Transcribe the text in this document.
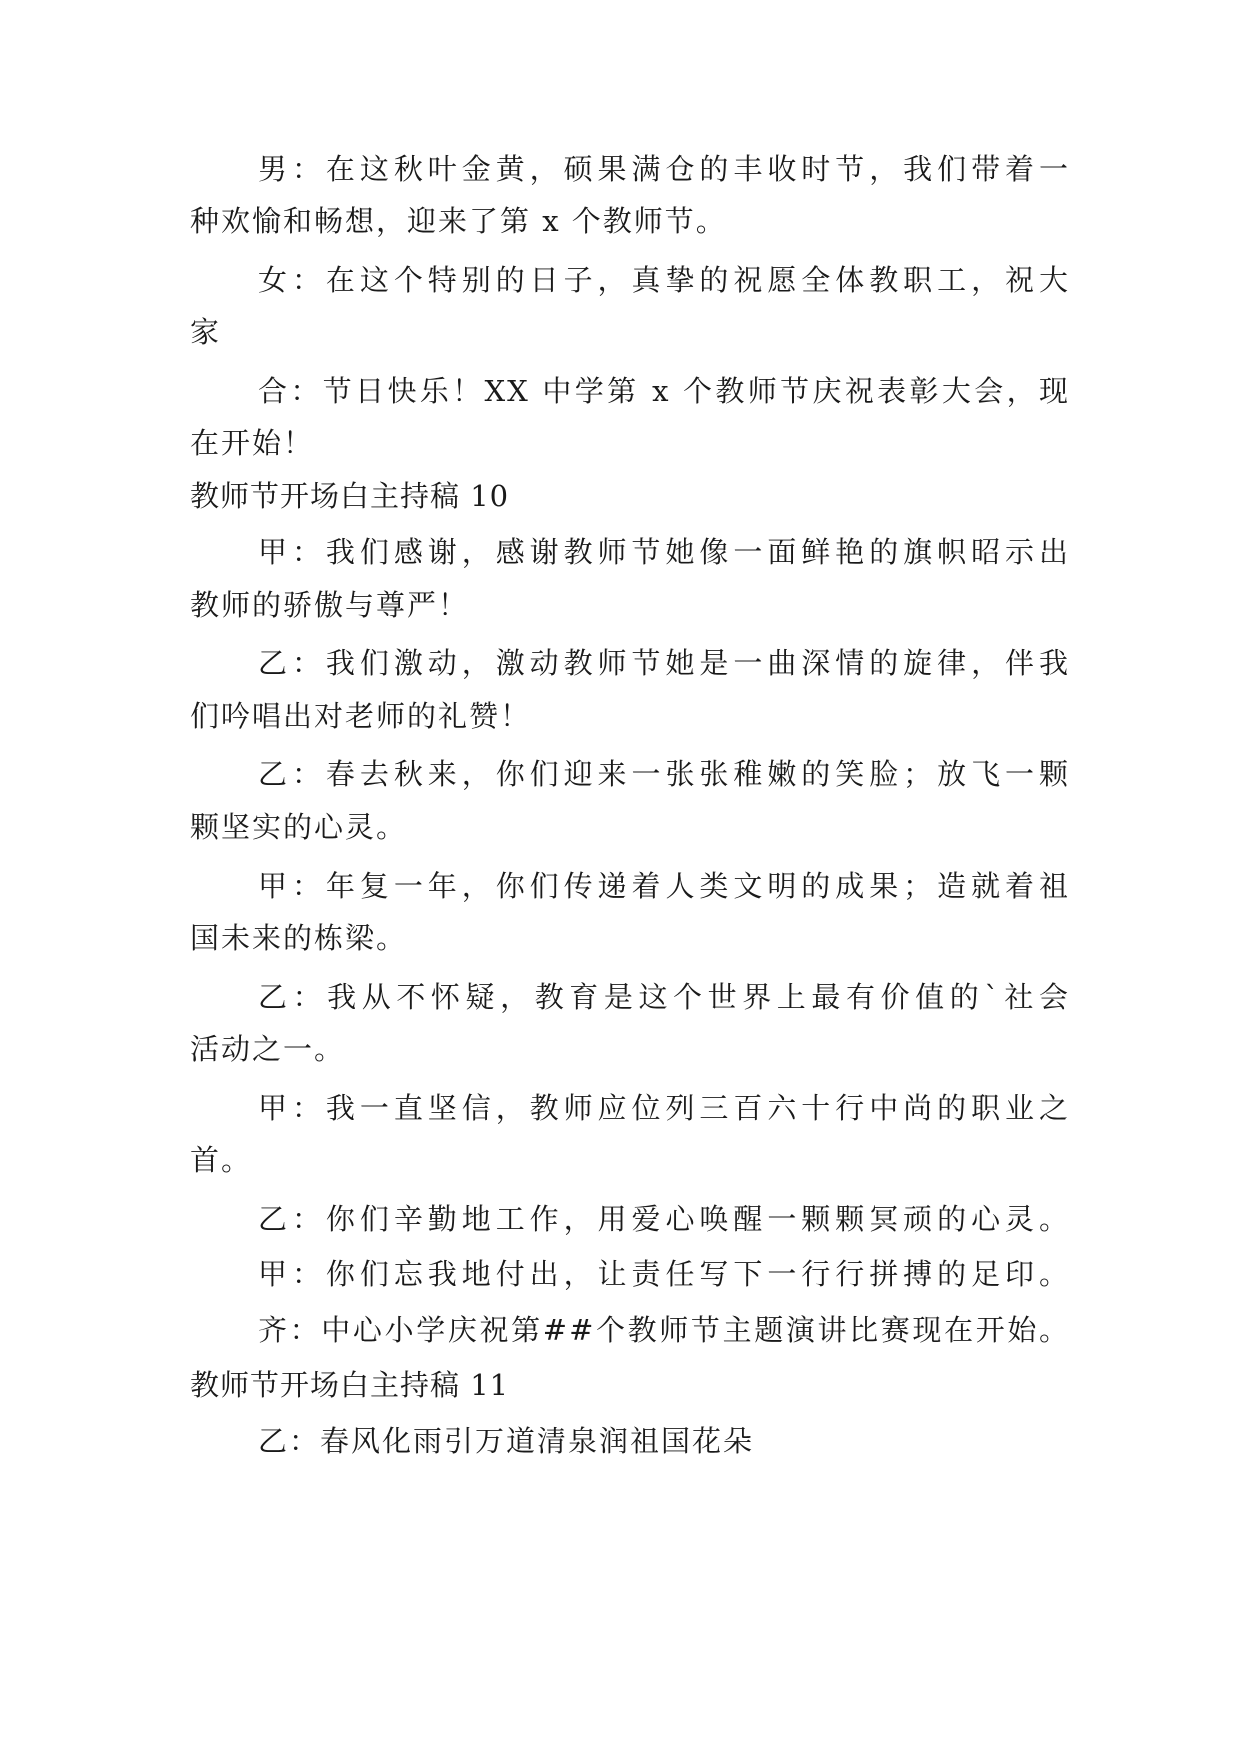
男：在这秋叶金黄，硕果满仓的丰收时节，我们带着一

种欢愉和畅想，迎来了第 x 个教师节。

女：在这个特别的日子，真挚的祝愿全体教职工，祝大

家

合：节日快乐！XX 中学第 x 个教师节庆祝表彰大会，现

在开始！

教师节开场白主持稿 10

甲：我们感谢，感谢教师节她像一面鲜艳的旗帜昭示出

教师的骄傲与尊严！

乙：我们激动，激动教师节她是一曲深情的旋律，伴我

们吟唱出对老师的礼赞！

乙：春去秋来，你们迎来一张张稚嫩的笑脸；放飞一颗

颗坚实的心灵。

甲：年复一年，你们传递着人类文明的成果；造就着祖

国未来的栋梁。

乙：我从不怀疑，教育是这个世界上最有价值的`社会

活动之一。

甲：我一直坚信，教师应位列三百六十行中尚的职业之

首。

乙：你们辛勤地工作，用爱心唤醒一颗颗冥顽的心灵。

甲：你们忘我地付出，让责任写下一行行拼搏的足印。

齐：中心小学庆祝第##个教师节主题演讲比赛现在开始。

教师节开场白主持稿 11

乙：春风化雨引万道清泉润祖国花朵
